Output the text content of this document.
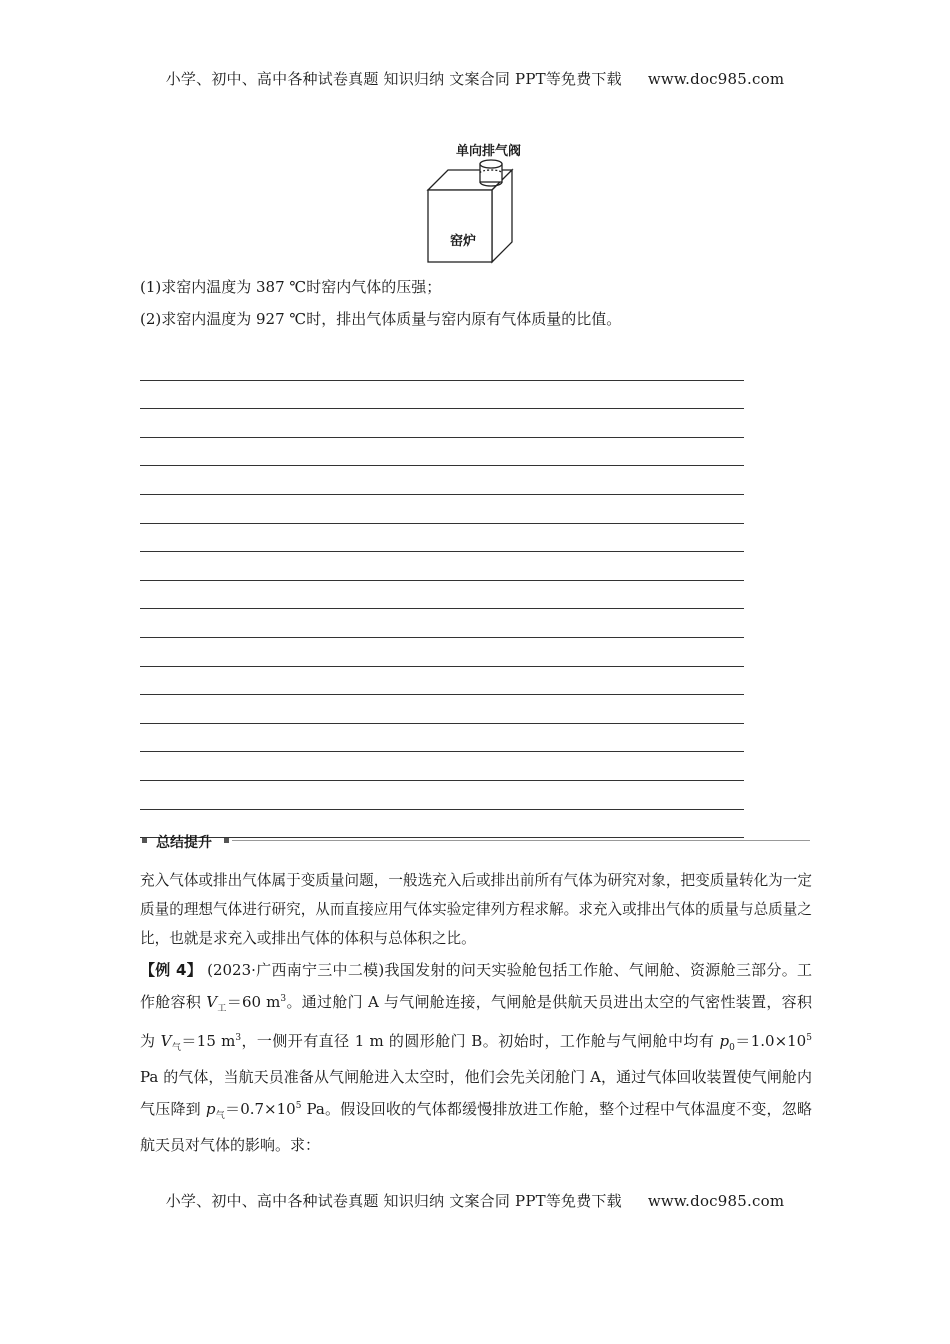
小学、初中、高中各种试卷真题 知识归纳 文案合同 PPT等免费下载 www.doc985.com
单向排气阀
窑炉
(1)求窑内温度为 387 ℃时窑内气体的压强；
(2)求窑内温度为 927 ℃时，排出气体质量与窑内原有气体质量的比值。
总结提升
充入气体或排出气体属于变质量问题，一般选充入后或排出前所有气体为研究对象，把变质量转化为一定质量的理想气体进行研究，从而直接应用气体实验定律列方程求解。求充入或排出气体的质量与总质量之比，也就是求充入或排出气体的体积与总体积之比。
【例 4】 (2023·广西南宁三中二模)我国发射的问天实验舱包括工作舱、气闸舱、资源舱三部分。工作舱容积 $V_工=60$ $m^3$。通过舱门 A 与气闸舱连接，气闸舱是供航天员进出太空的气密性装置，容积为 $V_气=15$ $m^3$，一侧开有直径 1 m 的圆形舱门 B。初始时，工作舱与气闸舱中均有 $p_0=1.0\times 10^5$ Pa 的气体，当航天员准备从气闸舱进入太空时，他们会先关闭舱门 A，通过气体回收装置使气闸舱内气压降到 $p_气=0.7\times 10^5$ Pa。假设回收的气体都缓慢排放进工作舱，整个过程中气体温度不变，忽略航天员对气体的影响。求：
小学、初中、高中各种试卷真题 知识归纳 文案合同 PPT等免费下载 www.doc985.com
